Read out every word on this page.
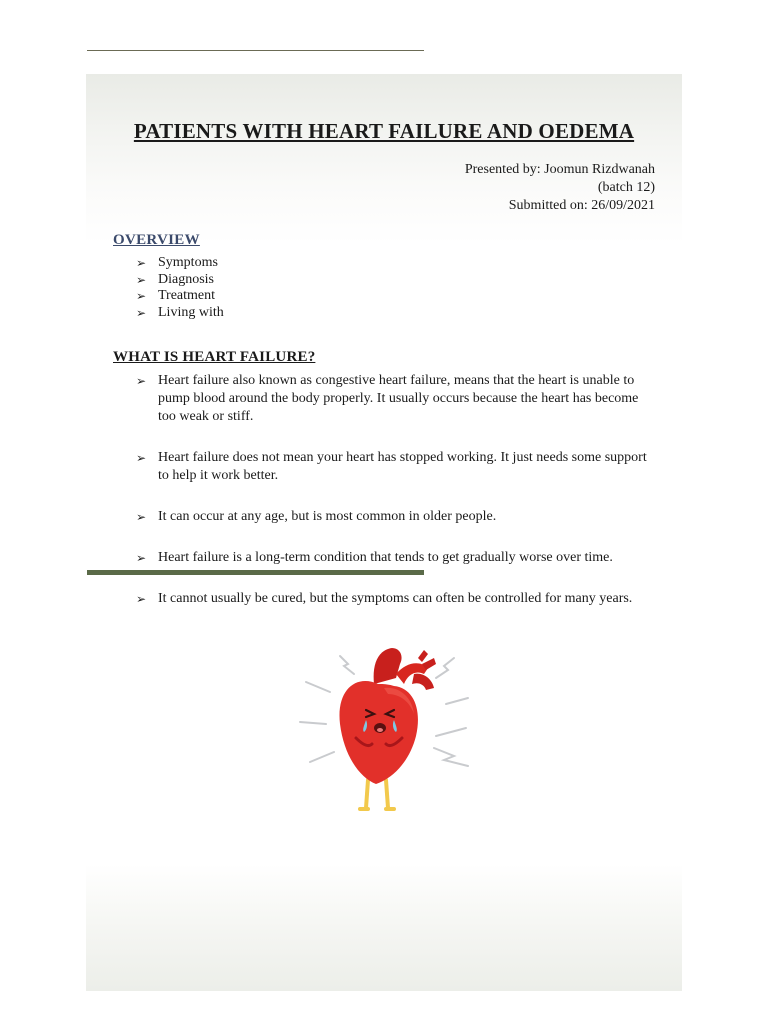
PATIENTS WITH HEART FAILURE AND OEDEMA
Presented by: Joomun Rizdwanah
(batch 12)
Submitted on: 26/09/2021
OVERVIEW
➢ Symptoms
➢ Diagnosis
➢ Treatment
➢ Living with
WHAT IS HEART FAILURE?
➢ Heart failure also known as congestive heart failure, means that the heart is unable to pump blood around the body properly. It usually occurs because the heart has become too weak or stiff.
➢ Heart failure does not mean your heart has stopped working. It just needs some support to help it work better.
➢ It can occur at any age, but is most common in older people.
➢ Heart failure is a long-term condition that tends to get gradually worse over time.
➢ It cannot usually be cured, but the symptoms can often be controlled for many years.
